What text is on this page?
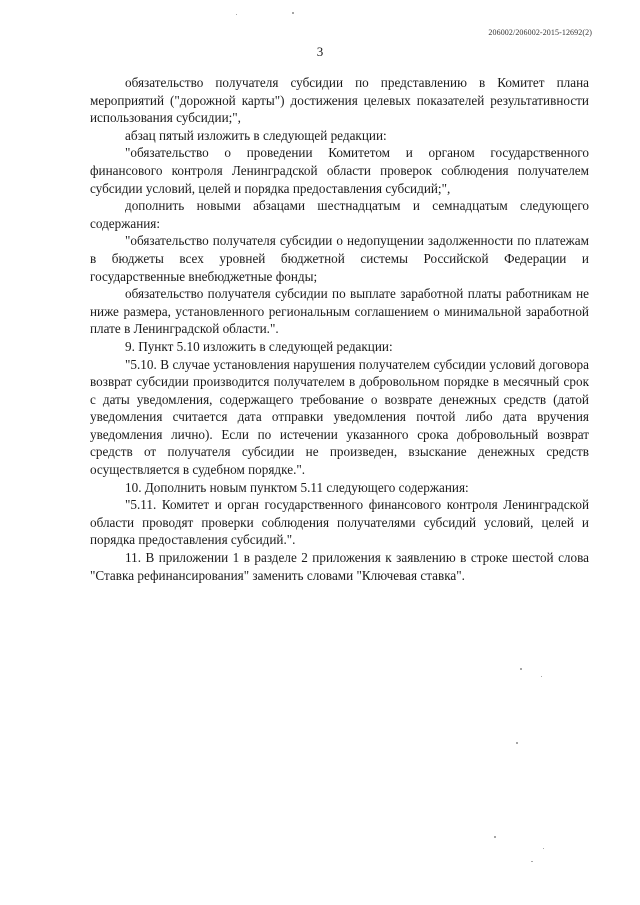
206002/206002-2015-12692(2)
3

обязательство получателя субсидии по представлению в Комитет плана мероприятий ("дорожной карты") достижения целевых показателей результативности использования субсидии;",

абзац пятый изложить в следующей редакции:

"обязательство о проведении Комитетом и органом государственного финансового контроля Ленинградской области проверок соблюдения получателем субсидии условий, целей и порядка предоставления субсидий;",

дополнить новыми абзацами шестнадцатым и семнадцатым следующего содержания:

"обязательство получателя субсидии о недопущении задолженности по платежам в бюджеты всех уровней бюджетной системы Российской Федерации и государственные внебюджетные фонды;

обязательство получателя субсидии по выплате заработной платы работникам не ниже размера, установленного региональным соглашением о минимальной заработной плате в Ленинградской области.".

9. Пункт 5.10 изложить в следующей редакции:

"5.10. В случае установления нарушения получателем субсидии условий договора возврат субсидии производится получателем в добровольном порядке в месячный срок с даты уведомления, содержащего требование о возврате денежных средств (датой уведомления считается дата отправки уведомления почтой либо дата вручения уведомления лично). Если по истечении указанного срока добровольный возврат средств от получателя субсидии не произведен, взыскание денежных средств осуществляется в судебном порядке.".

10. Дополнить новым пунктом 5.11 следующего содержания:

"5.11. Комитет и орган государственного финансового контроля Ленинградской области проводят проверки соблюдения получателями субсидий условий, целей и порядка предоставления субсидий.".

11. В приложении 1 в разделе 2 приложения к заявлению в строке шестой слова "Ставка рефинансирования" заменить словами "Ключевая ставка".
